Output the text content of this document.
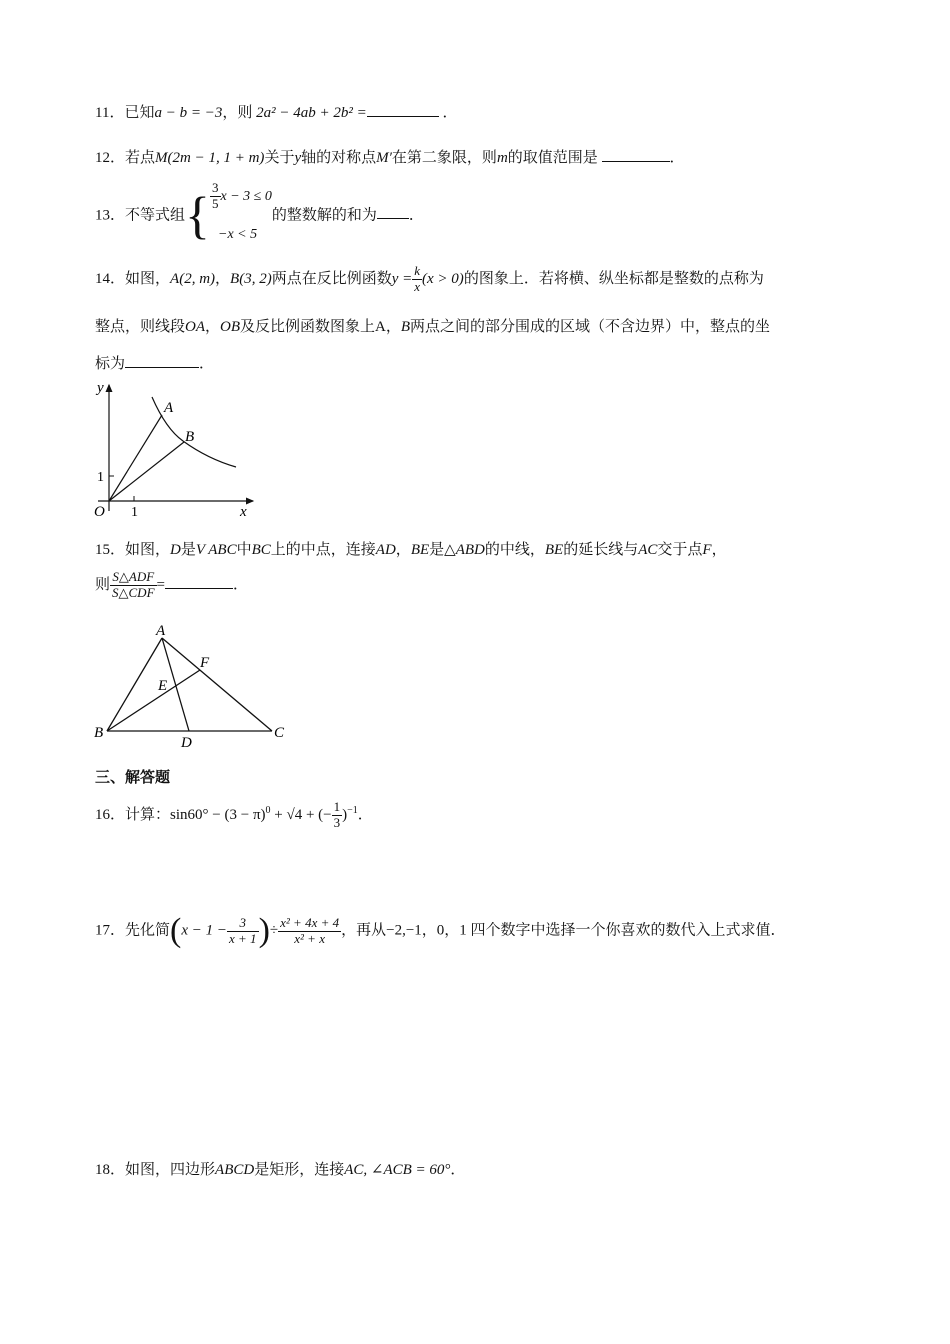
11．已知a − b = −3，则 2a² − 4ab + 2b² =	．
12．若点M(2m − 1, 1 + m)关于y轴的对称点M′在第二象限，则m的取值范围是	．
13．不等式组{ $\frac{3}{5}$ x − 3 ≤ 0
−x < 5
的整数解的和为 ．
14．如图，A(2, m)，B(3, 2)两点在反比例函数$y = \frac{k}{x} (x > 0)$的图象上．若将横、纵坐标都是整数的点称为
整点，则线段OA，OB及反比例函数图象上A，B两点之间的部分围成的区域（不含边界）中，整点的坐
标为	．
y
x
O 1
1
A
B
15．如图，D是V ABC中BC上的中点，连接AD，BE是△ABD的中线，BE的延长线与AC交于点F，
则 $\frac{\text{S△ADF}}{\text{S△CDF}}$ =	．
A
B	C
D
E
F
三、解答题
16．计算：$\sin 60^\circ - (3 - \pi)^0 + √4$ + (− $\frac{1}{3} )^{-1}$．
17．先化简($x - 1 - \frac{3}{x + 1}$ )÷ $\frac{\text{x² + 4x + 4}}{\text{x² + x}}$ ，再从−2,−1，0，1 四个数字中选择一个你喜欢的数代入上式求值．
18．如图，四边形ABCD是矩形，连接AC, ∠ACB = 60°．
